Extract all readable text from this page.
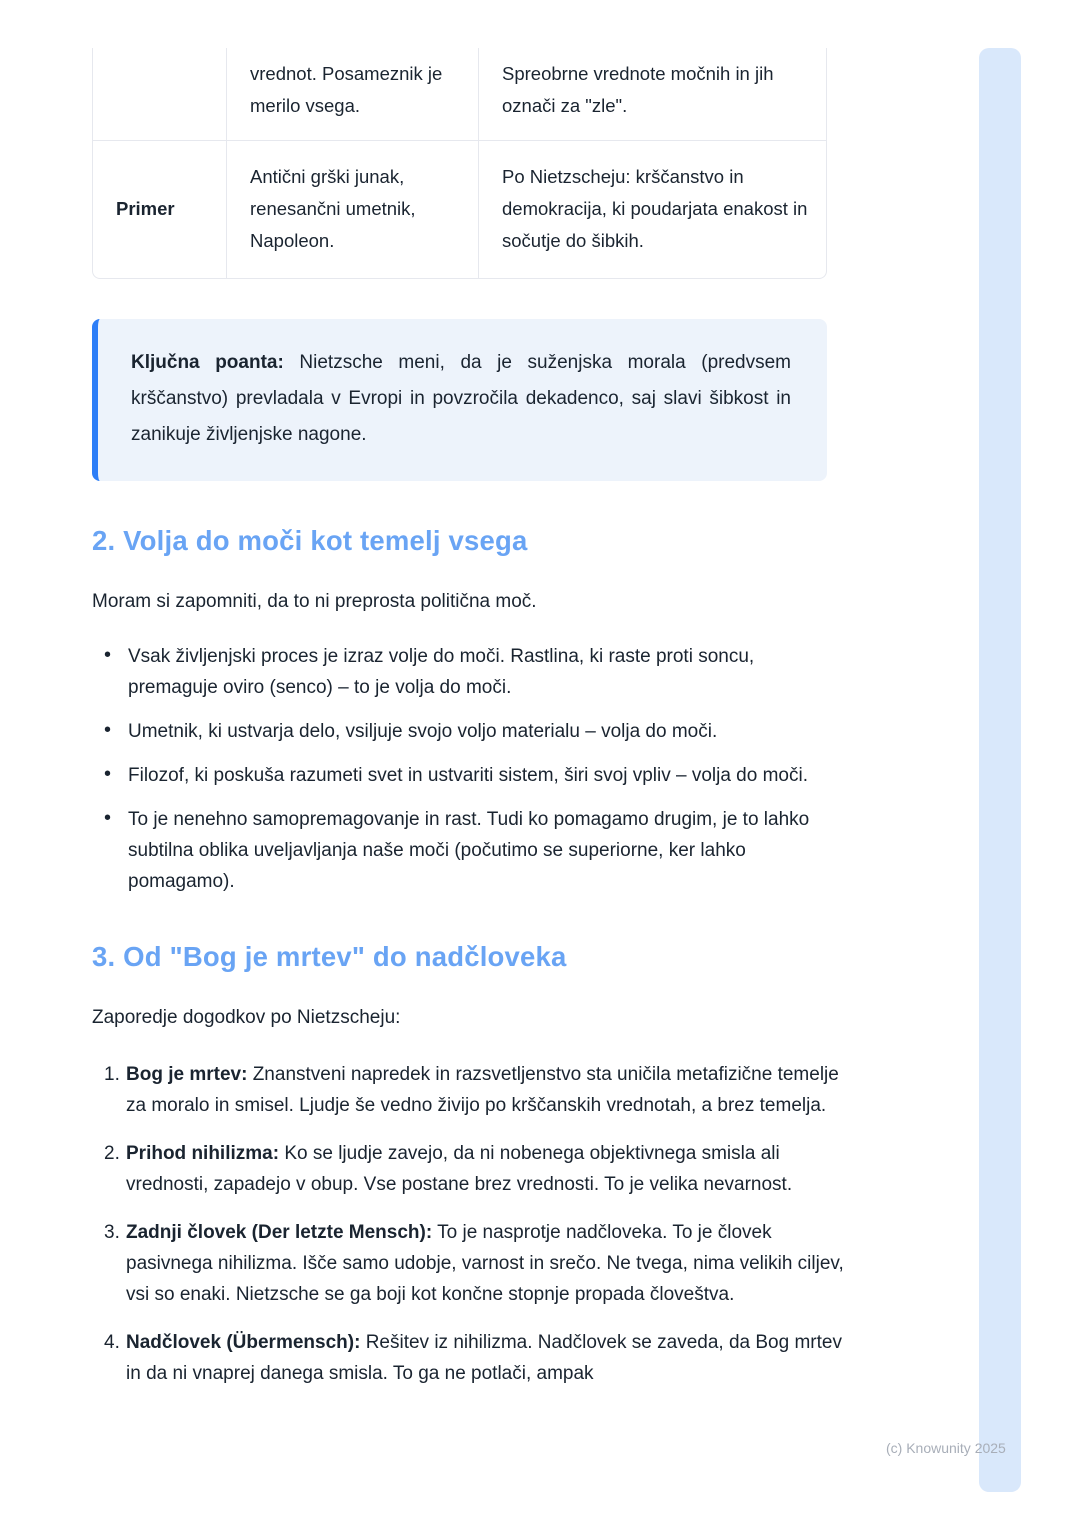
vrednot. Posameznik je merilo vsega.
Spreobrne vrednote močnih in jih označi za "zle".
Primer
Antični grški junak, renesančni umetnik, Napoleon.
Po Nietzscheju: krščanstvo in demokracija, ki poudarjata enakost in sočutje do šibkih.

Ključna poanta: Nietzsche meni, da je suženjska morala (predvsem krščanstvo) prevladala v Evropi in povzročila dekadenco, saj slavi šibkost in zanikuje življenjske nagone.

2. Volja do moči kot temelj vsega

Moram si zapomniti, da to ni preprosta politična moč.

• Vsak življenjski proces je izraz volje do moči. Rastlina, ki raste proti soncu, premaguje oviro (senco) – to je volja do moči.
• Umetnik, ki ustvarja delo, vsiljuje svojo voljo materialu – volja do moči.
• Filozof, ki poskuša razumeti svet in ustvariti sistem, širi svoj vpliv – volja do moči.
• To je nenehno samopremagovanje in rast. Tudi ko pomagamo drugim, je to lahko subtilna oblika uveljavljanja naše moči (počutimo se superiorne, ker lahko pomagamo).
3. Od "Bog je mrtev" do nadčloveka

Zaporedje dogodkov po Nietzscheju:

1. Bog je mrtev: Znanstveni napredek in razsvetljenstvo sta uničila metafizične temelje za moralo in smisel. Ljudje še vedno živijo po krščanskih vrednotah, a brez temelja.
2. Prihod nihilizma: Ko se ljudje zavejo, da ni nobenega objektivnega smisla ali vrednosti, zapadejo v obup. Vse postane brez vrednosti. To je velika nevarnost.
3. Zadnji človek (Der letzte Mensch): To je nasprotje nadčloveka. To je človek pasivnega nihilizma. Išče samo udobje, varnost in srečo. Ne tvega, nima velikih ciljev, vsi so enaki. Nietzsche se ga boji kot končne stopnje propada človeštva.
4. Nadčlovek (Übermensch): Rešitev iz nihilizma. Nadčlovek se zaveda, da Bog mrtev in da ni vnaprej danega smisla. To ga ne potlači, ampak
(c) Knowunity 2025
